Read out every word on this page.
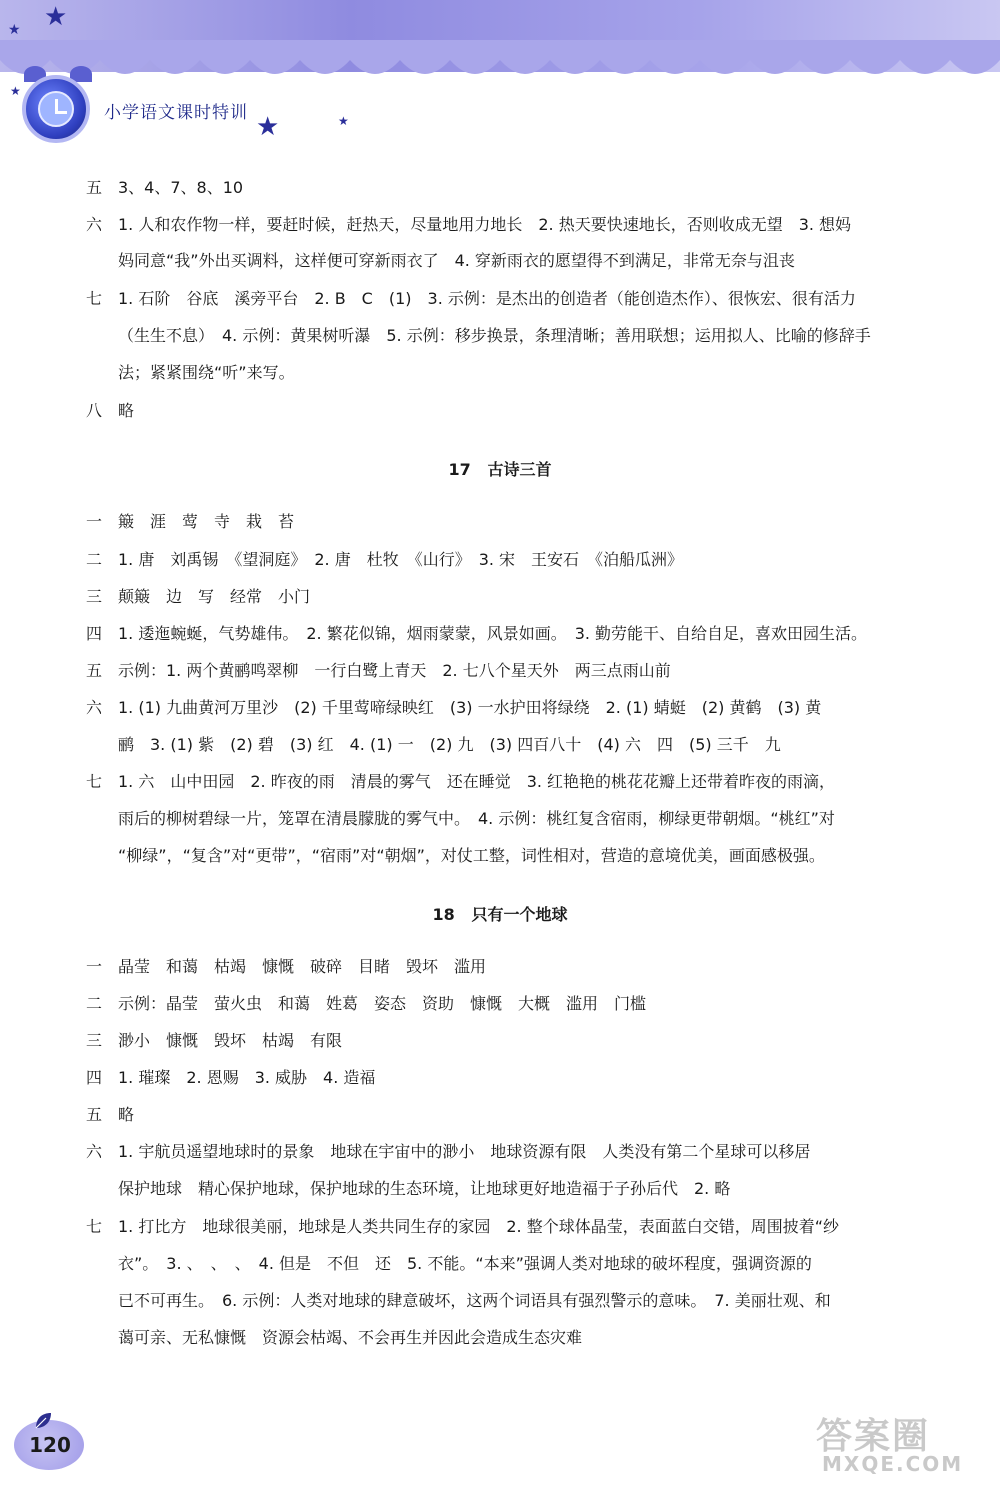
★
★
★	★
★
小学语文课时特训
五 3、4、7、8、10
六 1. 人和农作物一样，要赶时候，赶热天，尽量地用力地长　2. 热天要快速地长，否则收成无望　3. 想妈
妈同意“我”外出买调料，这样便可穿新雨衣了　4. 穿新雨衣的愿望得不到满足，非常无奈与沮丧
七 1. 石阶　谷底　溪旁平台　2. B　C　(1)　3. 示例：是杰出的创造者（能创造杰作）、很恢宏、很有活力
（生生不息）　4. 示例：黄果树听瀑　5. 示例：移步换景，条理清晰；善用联想；运用拟人、比喻的修辞手
法；紧紧围绕“听”来写。
八 略
17 古诗三首
一 簸　涯　莺　寺　栽　苔
二 1. 唐　刘禹锡　《望洞庭》　2. 唐　杜牧　《山行》　3. 宋　王安石　《泊船瓜洲》
三 颠簸　边　写　经常　小门
四 1. 逶迤蜿蜒，气势雄伟。　2. 繁花似锦，烟雨蒙蒙，风景如画。　3. 勤劳能干、自给自足，喜欢田园生活。
五 示例：1. 两个黄鹂鸣翠柳　一行白鹭上青天　2. 七八个星天外　两三点雨山前
六 1. (1) 九曲黄河万里沙　(2) 千里莺啼绿映红　(3) 一水护田将绿绕　2. (1) 蜻蜓　(2) 黄鹤　(3) 黄
鹂　3. (1) 紫　(2) 碧　(3) 红　4. (1) 一　(2) 九　(3) 四百八十　(4) 六　四　(5) 三千　九
七 1. 六　山中田园　2. 昨夜的雨　清晨的雾气　还在睡觉　3. 红艳艳的桃花花瓣上还带着昨夜的雨滴，
雨后的柳树碧绿一片，笼罩在清晨朦胧的雾气中。　4. 示例：桃红复含宿雨，柳绿更带朝烟。“桃红”对
“柳绿”，“复含”对“更带”，“宿雨”对“朝烟”，对仗工整，词性相对，营造的意境优美，画面感极强。
18 只有一个地球
一 晶莹　和蔼　枯竭　慷慨　破碎　目睹　毁坏　滥用
二 示例：晶莹　萤火虫　和蔼　姓葛　姿态　资助　慷慨　大概　滥用　门槛
三 渺小　慷慨　毁坏　枯竭　有限
四 1. 璀璨　2. 恩赐　3. 威胁　4. 造福
五 略
六 1. 宇航员遥望地球时的景象　地球在宇宙中的渺小　地球资源有限　人类没有第二个星球可以移居
保护地球　精心保护地球，保护地球的生态环境，让地球更好地造福于子孙后代　2. 略
七 1. 打比方　地球很美丽，地球是人类共同生存的家园　2. 整个球体晶莹，表面蓝白交错，周围披着“纱
衣”。　3. 、　、　、　4. 但是　不但　还　5. 不能。“本来”强调人类对地球的破坏程度，强调资源的
已不可再生。　6. 示例：人类对地球的肆意破坏，这两个词语具有强烈警示的意味。　7. 美丽壮观、和
蔼可亲、无私慷慨　资源会枯竭、不会再生并因此会造成生态灾难
120	答案圈
MXQE.COM
